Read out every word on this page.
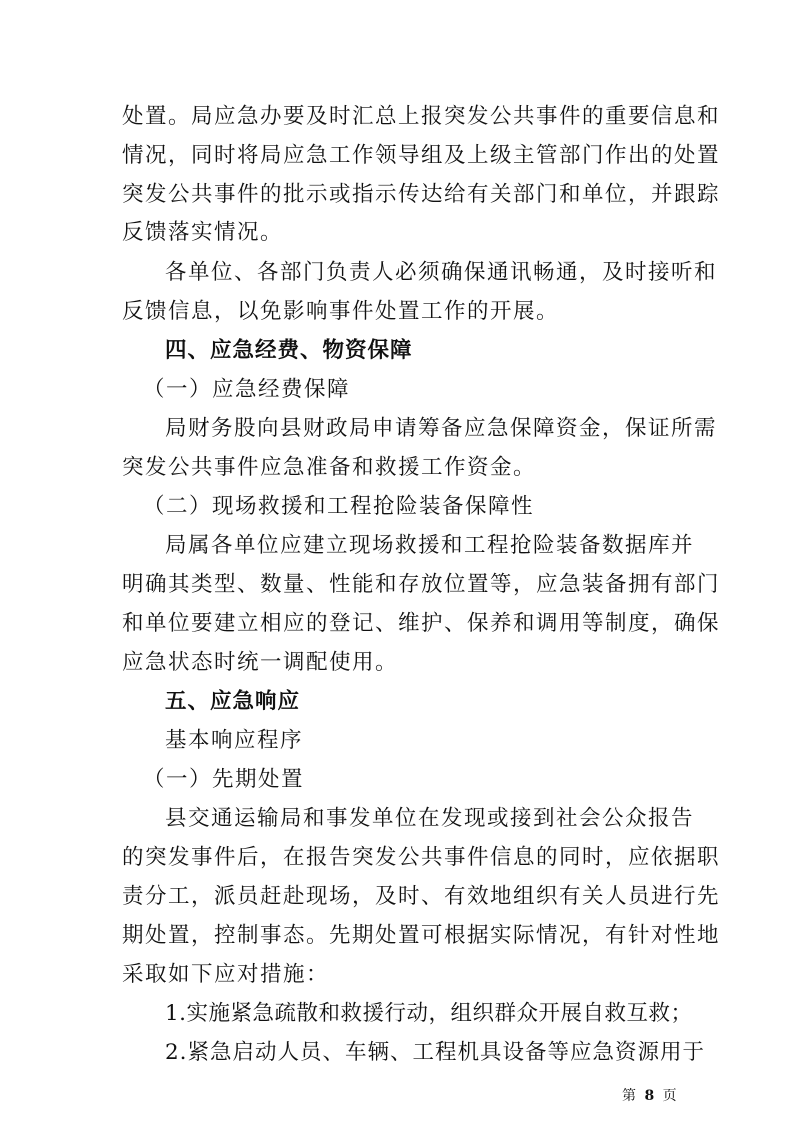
处置。局应急办要及时汇总上报突发公共事件的重要信息和
情况，同时将局应急工作领导组及上级主管部门作出的处置
突发公共事件的批示或指示传达给有关部门和单位，并跟踪
反馈落实情况。
各单位、各部门负责人必须确保通讯畅通，及时接听和
反馈信息，以免影响事件处置工作的开展。
四、应急经费、物资保障
（一）应急经费保障
局财务股向县财政局申请筹备应急保障资金，保证所需
突发公共事件应急准备和救援工作资金。
（二）现场救援和工程抢险装备保障性
局属各单位应建立现场救援和工程抢险装备数据库并
明确其类型、数量、性能和存放位置等，应急装备拥有部门
和单位要建立相应的登记、维护、保养和调用等制度，确保
应急状态时统一调配使用。
五、应急响应
基本响应程序
（一）先期处置
县交通运输局和事发单位在发现或接到社会公众报告
的突发事件后，在报告突发公共事件信息的同时，应依据职
责分工，派员赶赴现场，及时、有效地组织有关人员进行先
期处置，控制事态。先期处置可根据实际情况，有针对性地
采取如下应对措施：
1.实施紧急疏散和救援行动，组织群众开展自救互救；
2.紧急启动人员、车辆、工程机具设备等应急资源用于
第 8 页
